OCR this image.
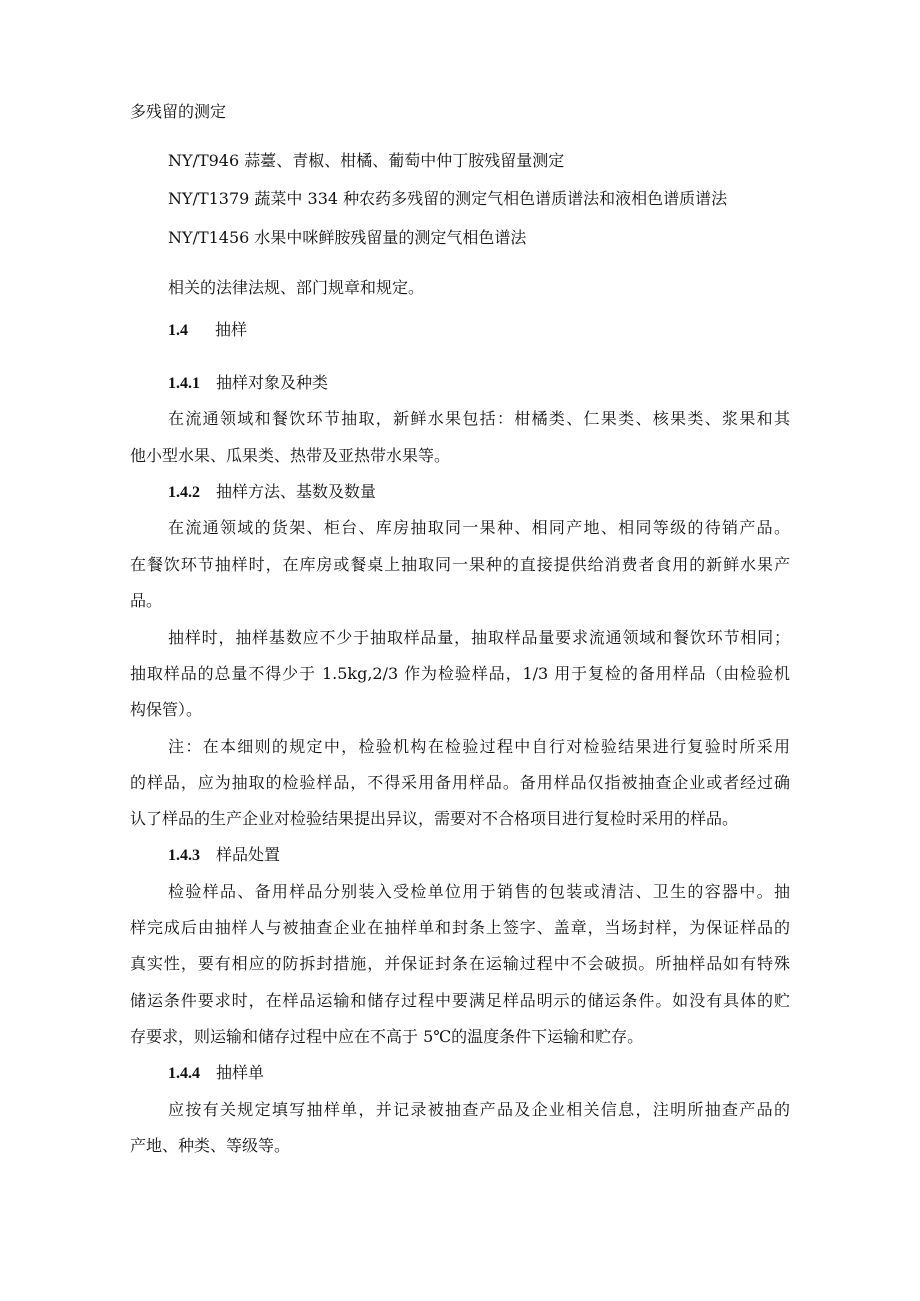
多残留的测定

NY/T946 蒜薹、青椒、柑橘、葡萄中仲丁胺残留量测定

NY/T1379 蔬菜中 334 种农药多残留的测定气相色谱质谱法和液相色谱质谱法

NY/T1456 水果中咪鲜胺残留量的测定气相色谱法

相关的法律法规、部门规章和规定。

1.4 抽样

1.4.1 抽样对象及种类

在流通领域和餐饮环节抽取，新鲜水果包括：柑橘类、仁果类、核果类、浆果和其

他小型水果、瓜果类、热带及亚热带水果等。

1.4.2 抽样方法、基数及数量

在流通领域的货架、柜台、库房抽取同一果种、相同产地、相同等级的待销产品。

在餐饮环节抽样时，在库房或餐桌上抽取同一果种的直接提供给消费者食用的新鲜水果产

品。

抽样时，抽样基数应不少于抽取样品量，抽取样品量要求流通领域和餐饮环节相同；

抽取样品的总量不得少于 1.5kg,2/3 作为检验样品，1/3 用于复检的备用样品（由检验机

构保管）。

注：在本细则的规定中，检验机构在检验过程中自行对检验结果进行复验时所采用

的样品，应为抽取的检验样品，不得采用备用样品。备用样品仅指被抽查企业或者经过确

认了样品的生产企业对检验结果提出异议，需要对不合格项目进行复检时采用的样品。

1.4.3 样品处置

检验样品、备用样品分别装入受检单位用于销售的包装或清洁、卫生的容器中。抽

样完成后由抽样人与被抽查企业在抽样单和封条上签字、盖章，当场封样，为保证样品的

真实性，要有相应的防拆封措施，并保证封条在运输过程中不会破损。所抽样品如有特殊

储运条件要求时，在样品运输和储存过程中要满足样品明示的储运条件。如没有具体的贮

存要求，则运输和储存过程中应在不高于 5℃的温度条件下运输和贮存。

1.4.4 抽样单

应按有关规定填写抽样单，并记录被抽查产品及企业相关信息，注明所抽查产品的

产地、种类、等级等。
